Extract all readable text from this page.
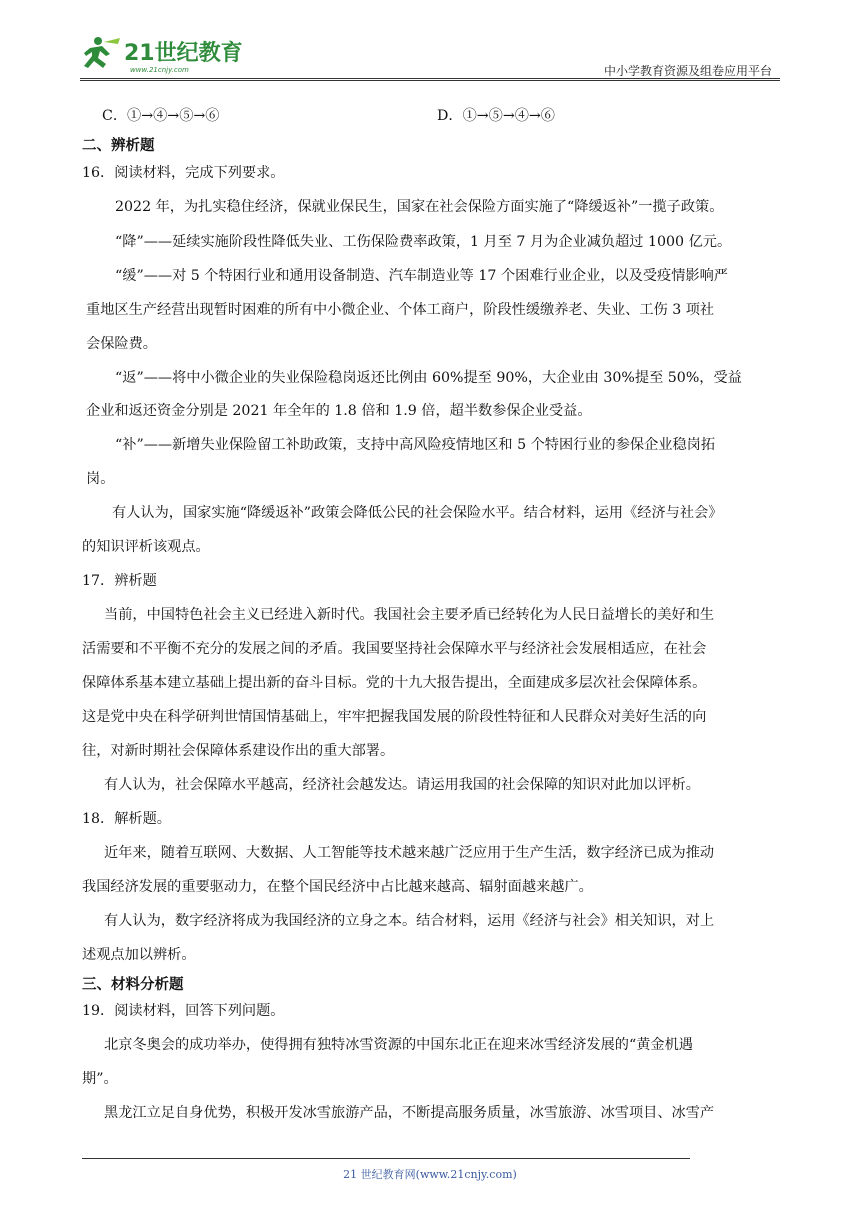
21世纪教育
www.21cnjy.com	中小学教育资源及组卷应用平台
C．①→④→⑤→⑥	D．①→⑤→④→⑥
二、辨析题
16．阅读材料，完成下列要求。
2022 年，为扎实稳住经济，保就业保民生，国家在社会保险方面实施了“降缓返补”一揽子政策。
“降”——延续实施阶段性降低失业、工伤保险费率政策，1 月至 7 月为企业减负超过 1000 亿元。
“缓”——对 5 个特困行业和通用设备制造、汽车制造业等 17 个困难行业企业，以及受疫情影响严
重地区生产经营出现暂时困难的所有中小微企业、个体工商户，阶段性缓缴养老、失业、工伤 3 项社
会保险费。
“返”——将中小微企业的失业保险稳岗返还比例由 60%提至 90%，大企业由 30%提至 50%，受益
企业和返还资金分别是 2021 年全年的 1.8 倍和 1.9 倍，超半数参保企业受益。
“补”——新增失业保险留工补助政策，支持中高风险疫情地区和 5 个特困行业的参保企业稳岗拓
岗。
有人认为，国家实施“降缓返补”政策会降低公民的社会保险水平。结合材料，运用《经济与社会》
的知识评析该观点。
17．辨析题
当前，中国特色社会主义已经进入新时代。我国社会主要矛盾已经转化为人民日益增长的美好和生
活需要和不平衡不充分的发展之间的矛盾。我国要坚持社会保障水平与经济社会发展相适应，在社会
保障体系基本建立基础上提出新的奋斗目标。党的十九大报告提出，全面建成多层次社会保障体系。
这是党中央在科学研判世情国情基础上，牢牢把握我国发展的阶段性特征和人民群众对美好生活的向
往，对新时期社会保障体系建设作出的重大部署。
有人认为，社会保障水平越高，经济社会越发达。请运用我国的社会保障的知识对此加以评析。
18．解析题。
近年来，随着互联网、大数据、人工智能等技术越来越广泛应用于生产生活，数字经济已成为推动
我国经济发展的重要驱动力，在整个国民经济中占比越来越高、辐射面越来越广。
有人认为，数字经济将成为我国经济的立身之本。结合材料，运用《经济与社会》相关知识，对上
述观点加以辨析。
三、材料分析题
19．阅读材料，回答下列问题。
北京冬奥会的成功举办，使得拥有独特冰雪资源的中国东北正在迎来冰雪经济发展的“黄金机遇
期”。
黑龙江立足自身优势，积极开发冰雪旅游产品，不断提高服务质量，冰雪旅游、冰雪项目、冰雪产
21 世纪教育网(www.21cnjy.com)
